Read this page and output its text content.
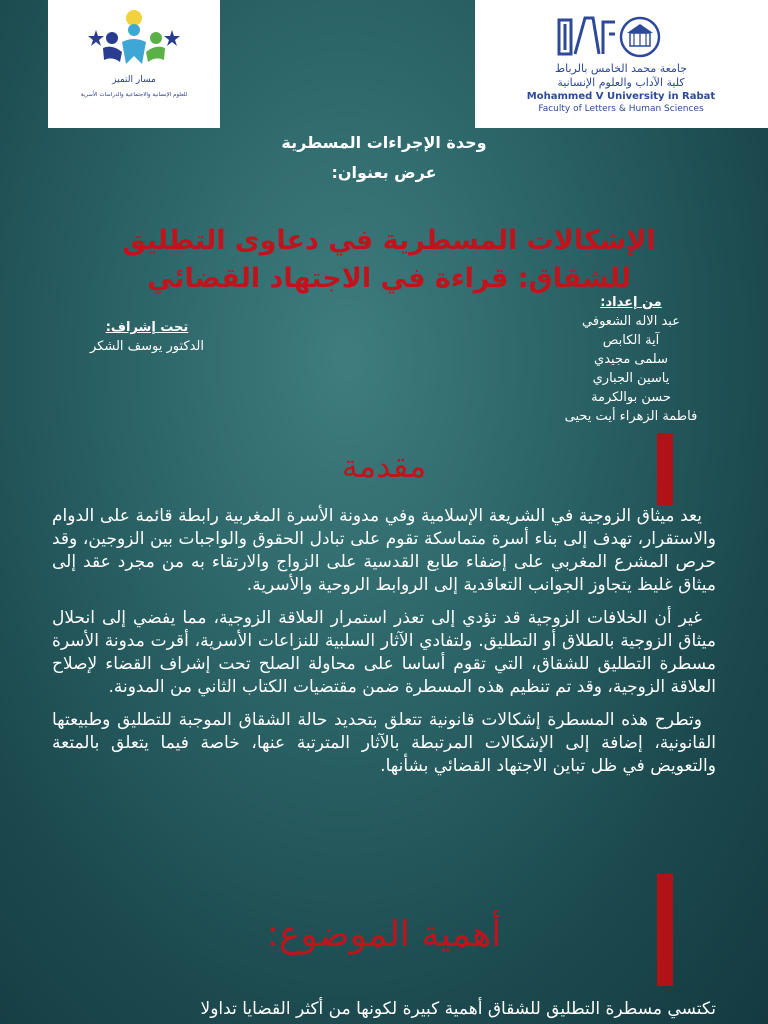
مسار التميز
للعلوم الإنسانية والاجتماعية والدراسات الأسرية
جامعة محمد الخامس بالرباط
كلية الآداب والعلوم الإنسانية
Mohammed V University in Rabat
Faculty of Letters & Human Sciences
وحدة الإجراءات المسطرية
عرض بعنوان:
الإشكالات المسطرية في دعاوى التطليق للشقاق: قراءة في الاجتهاد القضائي
من إعداد:
عبد الاله الشعوفي
آية الكابص
سلمى مجيدي
ياسين الجباري
حسن بوالكرمة
فاطمة الزهراء أيت يحيى
تحت إشراف:
الدكتور يوسف الشكر
مقدمة

يعد ميثاق الزوجية في الشريعة الإسلامية وفي مدونة الأسرة المغربية رابطة قائمة على الدوام والاستقرار، تهدف إلى بناء أسرة متماسكة تقوم على تبادل الحقوق والواجبات بين الزوجين، وقد حرص المشرع المغربي على إضفاء طابع القدسية على الزواج والارتقاء به من مجرد عقد إلى ميثاق غليظ يتجاوز الجوانب التعاقدية إلى الروابط الروحية والأسرية.

غير أن الخلافات الزوجية قد تؤدي إلى تعذر استمرار العلاقة الزوجية، مما يفضي إلى انحلال ميثاق الزوجية بالطلاق أو التطليق. ولتفادي الآثار السلبية للنزاعات الأسرية، أقرت مدونة الأسرة مسطرة التطليق للشقاق، التي تقوم أساسا على محاولة الصلح تحت إشراف القضاء لإصلاح العلاقة الزوجية، وقد تم تنظيم هذه المسطرة ضمن مقتضيات الكتاب الثاني من المدونة.

وتطرح هذه المسطرة إشكالات قانونية تتعلق بتحديد حالة الشقاق الموجبة للتطليق وطبيعتها القانونية، إضافة إلى الإشكالات المرتبطة بالآثار المترتبة عنها، خاصة فيما يتعلق بالمتعة والتعويض في ظل تباين الاجتهاد القضائي بشأنها.

أهمية الموضوع:
تكتسي مسطرة التطليق للشقاق أهمية كبيرة لكونها من أكثر القضايا تداولا
